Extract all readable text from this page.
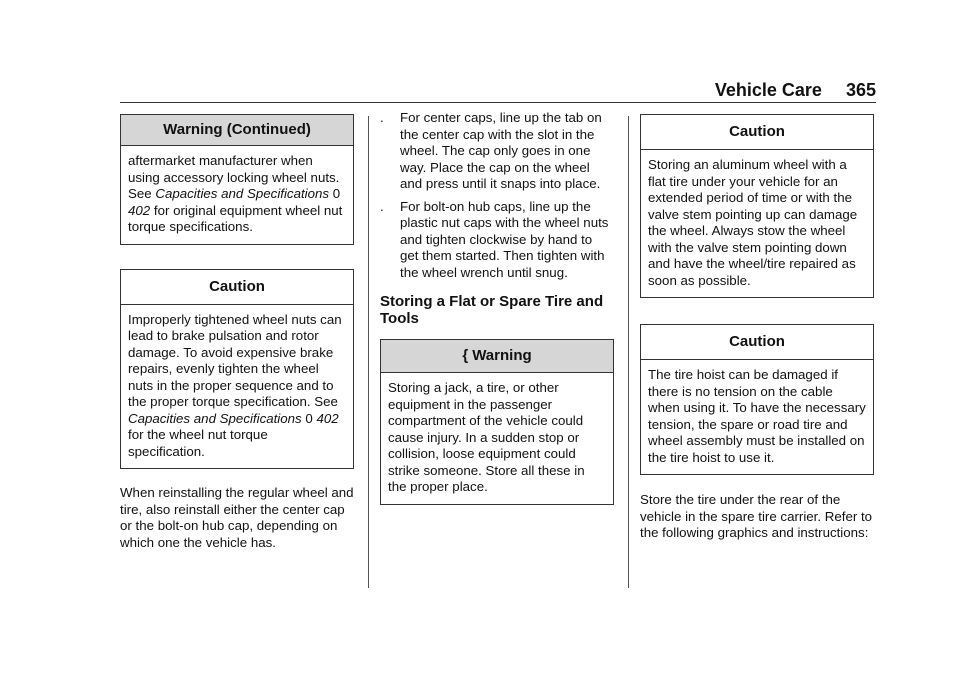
Vehicle Care 365
Warning (Continued)
aftermarket manufacturer when using accessory locking wheel nuts. See Capacities and Specifications 0 402 for original equipment wheel nut torque specifications.
Caution
Improperly tightened wheel nuts can lead to brake pulsation and rotor damage. To avoid expensive brake repairs, evenly tighten the wheel nuts in the proper sequence and to the proper torque specification. See Capacities and Specifications 0 402 for the wheel nut torque specification.
When reinstalling the regular wheel and tire, also reinstall either the center cap or the bolt-on hub cap, depending on which one the vehicle has.
.	For center caps, line up the tab on the center cap with the slot in the wheel. The cap only goes in one way. Place the cap on the wheel and press until it snaps into place.
.	For bolt-on hub caps, line up the plastic nut caps with the wheel nuts and tighten clockwise by hand to get them started. Then tighten with the wheel wrench until snug.
Storing a Flat or Spare Tire and Tools
{ Warning
Storing a jack, a tire, or other equipment in the passenger compartment of the vehicle could cause injury. In a sudden stop or collision, loose equipment could strike someone. Store all these in the proper place.
Caution
Storing an aluminum wheel with a flat tire under your vehicle for an extended period of time or with the valve stem pointing up can damage the wheel. Always stow the wheel with the valve stem pointing down and have the wheel/tire repaired as soon as possible.
Caution
The tire hoist can be damaged if there is no tension on the cable when using it. To have the necessary tension, the spare or road tire and wheel assembly must be installed on the tire hoist to use it.
Store the tire under the rear of the vehicle in the spare tire carrier. Refer to the following graphics and instructions:
